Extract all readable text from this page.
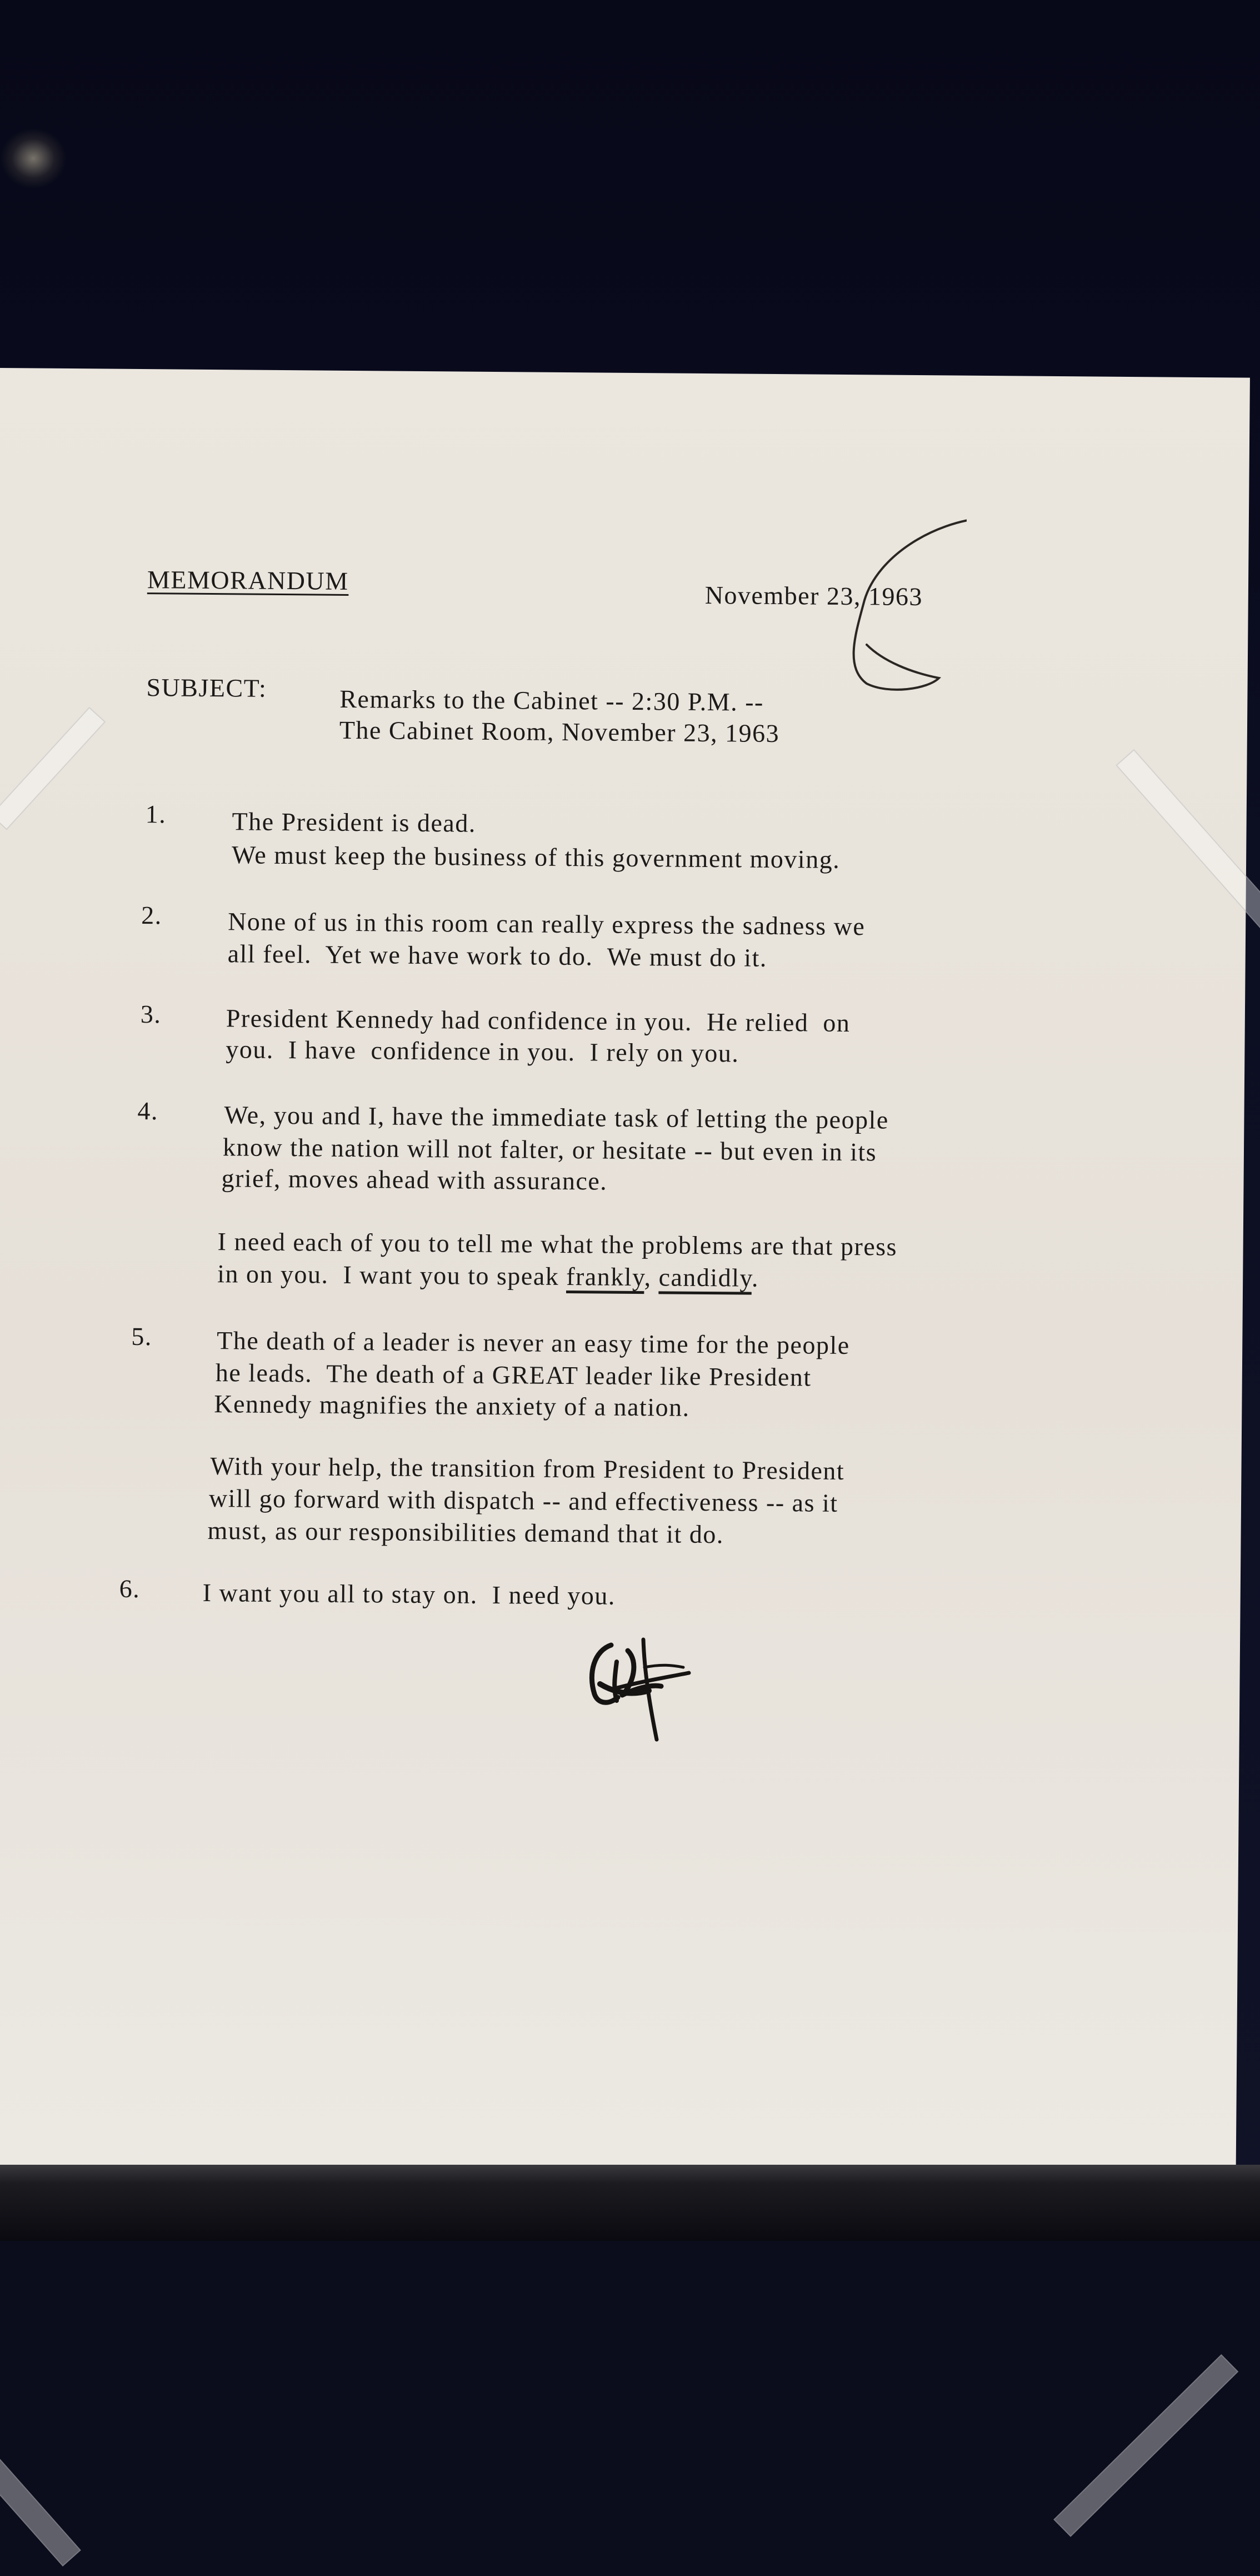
MEMORANDUM
November 23, 1963
SUBJECT:	Remarks to the Cabinet -- 2:30 P.M. --
The Cabinet Room, November 23, 1963
1.	The President is dead.
We must keep the business of this government moving.
2.	None of us in this room can really express the sadness we
all feel.  Yet we have work to do.  We must do it.
3.	President Kennedy had confidence in you.  He relied  on
you.  I have  confidence in you.  I rely on you.
4.	We, you and I, have the immediate task of letting the people
know the nation will not falter, or hesitate -- but even in its
grief, moves ahead with assurance.
I need each of you to tell me what the problems are that press
in on you.  I want you to speak frankly, candidly.
5.	The death of a leader is never an easy time for the people
he leads.  The death of a GREAT leader like President
Kennedy magnifies the anxiety of a nation.
With your help, the transition from President to President
will go forward with dispatch -- and effectiveness -- as it
must, as our responsibilities demand that it do.
6. I want you all to stay on.  I need you.
